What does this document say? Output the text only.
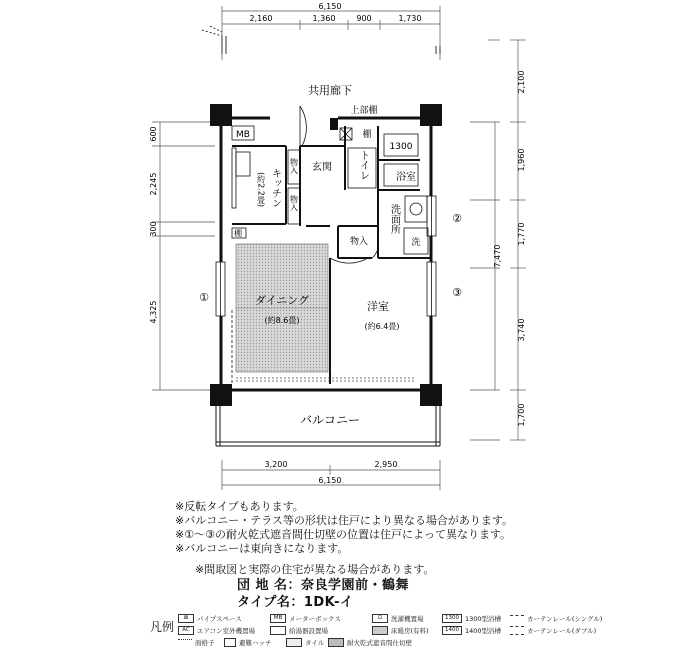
6,150
2,160	1,360	900	1,730
共用廊下	2,100
1,960
1,770
3,740
1,700
7,470
600
2,245
300
4,325
3,200	2,950
6,150
上部棚
MB	棚
棚
1300
浴室
物入
物入
物入
キッチン
(約2.2畳)
玄関	トイレ
洗面所
洗
ダイニング
(約8.6畳)
洋室
(約6.4畳)
バルコニー
①
②
③
※反転タイプもあります。
※バルコニー・テラス等の形状は住戸により異なる場合があります。
※①～③の耐火乾式遮音間仕切壁の位置は住戸によって異なります。
※バルコニーは東向きになります。
※間取図と実際の住宅が異なる場合があります。
団 地 名：奈良学園前・鶴舞
タイプ名：1DK-イ
凡例
⊠	パイプスペース	MB	メーターボックス	⊡	洗濯機置場	1300 1300型浴槽	カーテンレール(シングル)
AC	エアコン室外機置場	給湯器設置場	床暖房(有料)	1400 1400型浴槽	カーテンレール(ダブル)
面格子	避難ハッチ	タイル	耐火乾式遮音間仕切壁
